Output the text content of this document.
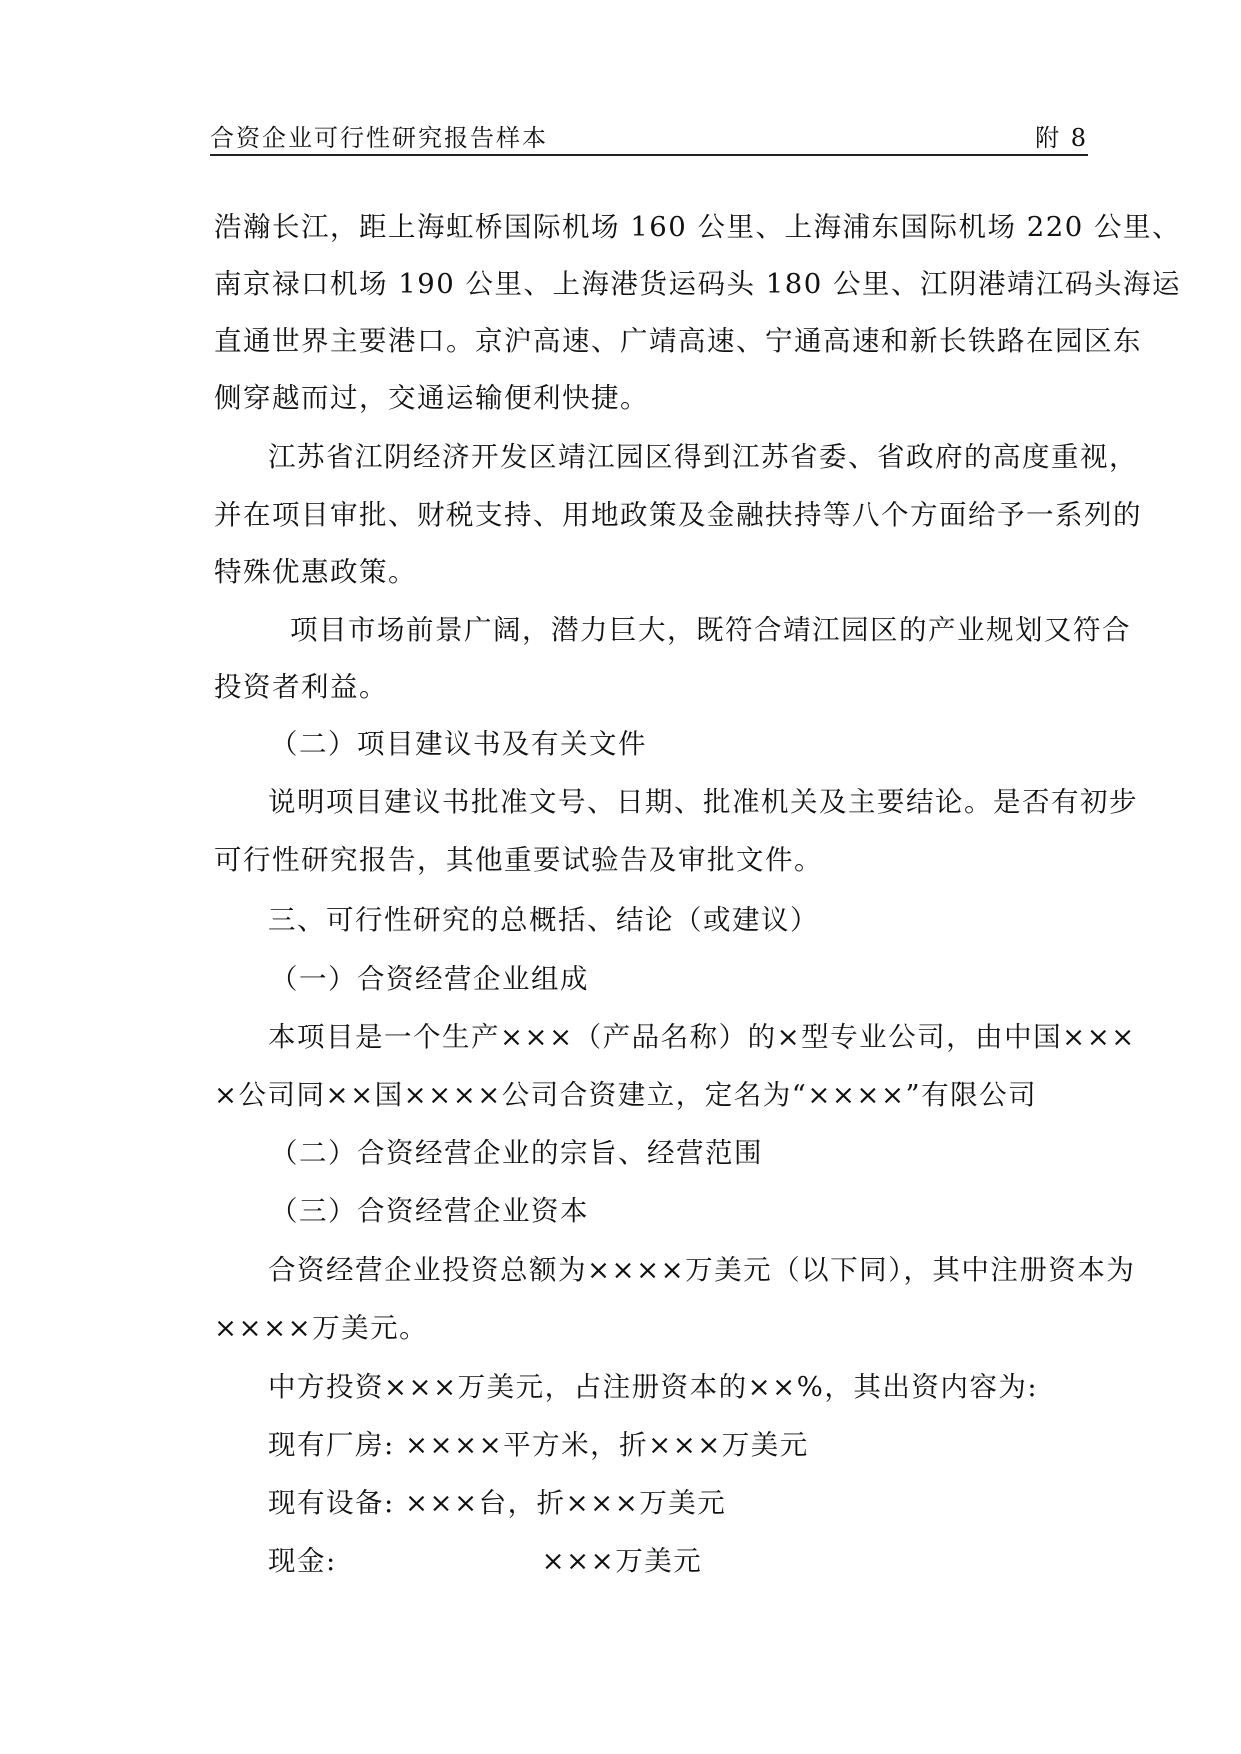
合资企业可行性研究报告样本	附 8

浩瀚长江，距上海虹桥国际机场 160 公里、上海浦东国际机场 220 公里、

南京禄口机场 190 公里、上海港货运码头 180 公里、江阴港靖江码头海运

直通世界主要港口。京沪高速、广靖高速、宁通高速和新长铁路在园区东

侧穿越而过，交通运输便利快捷。

江苏省江阴经济开发区靖江园区得到江苏省委、省政府的高度重视，

并在项目审批、财税支持、用地政策及金融扶持等八个方面给予一系列的

特殊优惠政策。

项目市场前景广阔，潜力巨大，既符合靖江园区的产业规划又符合

投资者利益。

（二）项目建议书及有关文件

说明项目建议书批准文号、日期、批准机关及主要结论。是否有初步

可行性研究报告，其他重要试验告及审批文件。

三、可行性研究的总概括、结论（或建议）

（一）合资经营企业组成

本项目是一个生产×××（产品名称）的×型专业公司，由中国×××

×公司同××国××××公司合资建立，定名为“××××”有限公司

（二）合资经营企业的宗旨、经营范围

（三）合资经营企业资本

合资经营企业投资总额为××××万美元（以下同），其中注册资本为

××××万美元。

中方投资×××万美元，占注册资本的××%，其出资内容为:

现有厂房: ××××平方米，折×××万美元

现有设备: ×××台，折×××万美元

现金:                    ×××万美元
